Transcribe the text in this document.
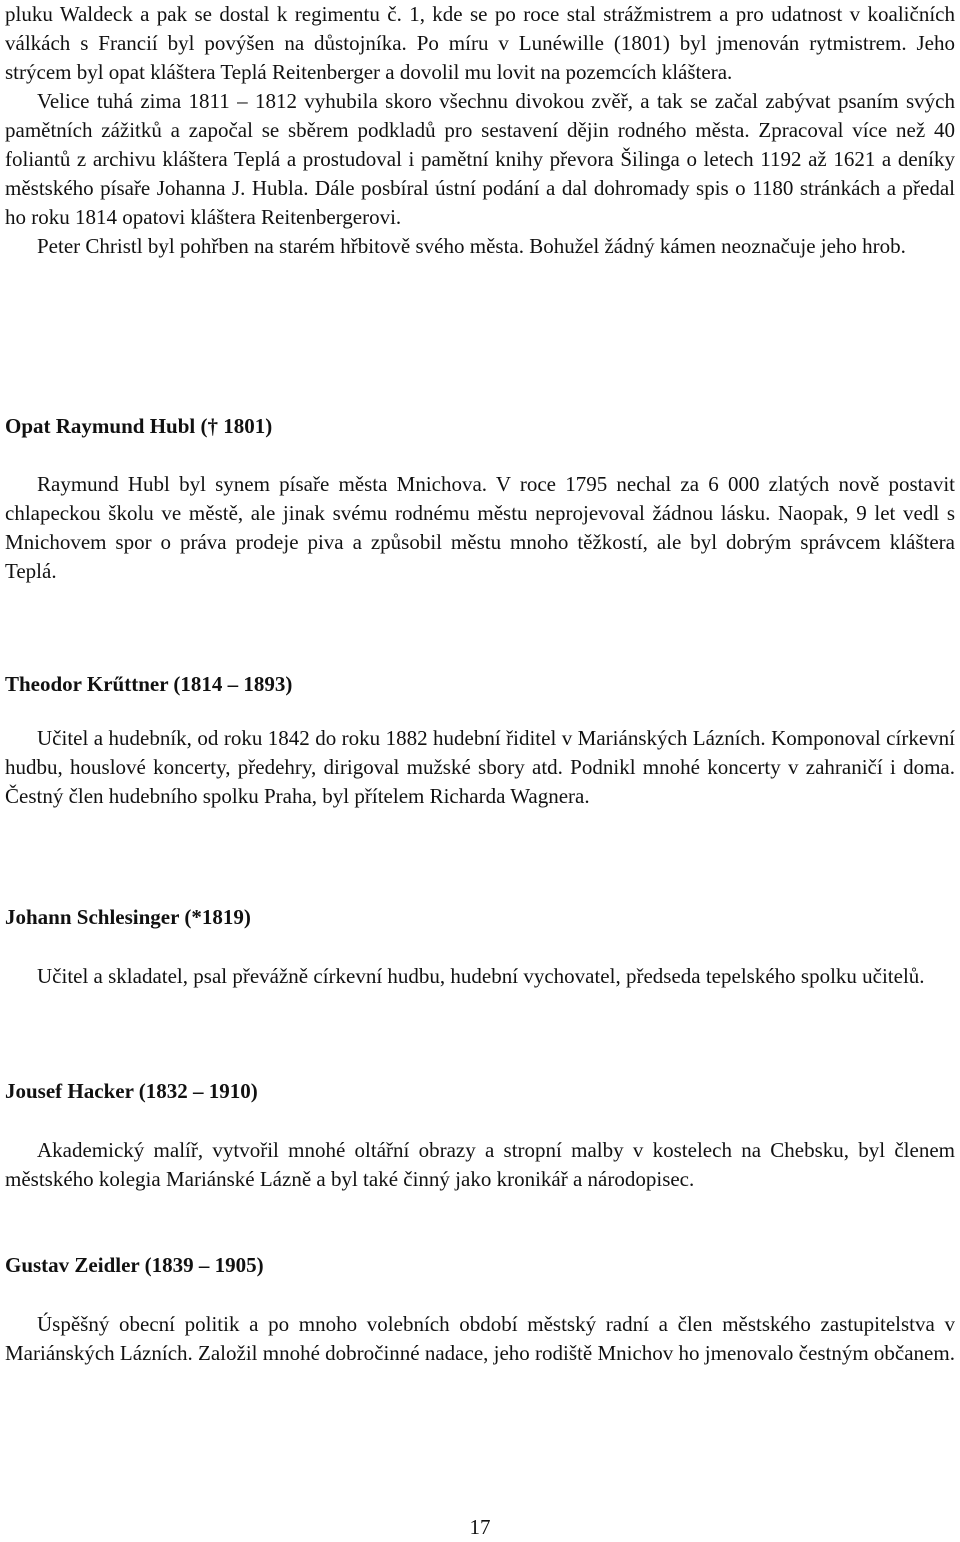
pluku Waldeck a pak se dostal k regimentu č. 1, kde se po roce stal strážmistrem a pro udatnost v koaličních válkách s Francií byl povýšen na důstojníka. Po míru v Lunéwille (1801) byl jmenován rytmistrem. Jeho strýcem byl opat kláštera Teplá Reitenberger a dovolil mu lovit na pozemcích kláštera.

Velice tuhá zima 1811 – 1812 vyhubila skoro všechnu divokou zvěř, a tak se začal zabývat psaním svých pamětních zážitků a započal se sběrem podkladů pro sestavení dějin rodného města. Zpracoval více než 40 foliantů z archivu kláštera Teplá a prostudoval i pamětní knihy převora Šilinga o letech 1192 až 1621 a deníky městského písaře Johanna J. Hubla. Dále posbíral ústní podání a dal dohromady spis o 1180 stránkách a předal ho roku 1814 opatovi kláštera Reitenbergerovi.

Peter Christl byl pohřben na starém hřbitově svého města. Bohužel žádný kámen neoznačuje jeho hrob.

Opat Raymund Hubl († 1801)

Raymund Hubl byl synem písaře města Mnichova. V roce 1795 nechal za 6 000 zlatých nově postavit chlapeckou školu ve městě, ale jinak svému rodnému městu neprojevoval žádnou lásku. Naopak, 9 let vedl s Mnichovem spor o práva prodeje piva a způsobil městu mnoho těžkostí, ale byl dobrým správcem kláštera Teplá.

Theodor Krűttner (1814 – 1893)

Učitel a hudebník, od roku 1842 do roku 1882 hudební řiditel v Mariánských Lázních. Komponoval církevní hudbu, houslové koncerty, předehry, dirigoval mužské sbory atd. Podnikl mnohé koncerty v zahraničí i doma. Čestný člen hudebního spolku Praha, byl přítelem Richarda Wagnera.

Johann Schlesinger (*1819)

Učitel a skladatel, psal převážně církevní hudbu, hudební vychovatel, předseda tepelského spolku učitelů.

Jousef Hacker (1832 – 1910)

Akademický malíř, vytvořil mnohé oltářní obrazy a stropní malby v kostelech na Chebsku, byl členem městského kolegia Mariánské Lázně a byl také činný jako kronikář a národopisec.

Gustav Zeidler (1839 – 1905)

Úspěšný obecní politik a po mnoho volebních období městský radní a člen městského zastupitelstva v Mariánských Lázních. Založil mnohé dobročinné nadace, jeho rodiště Mnichov ho jmenovalo čestným občanem.

17
